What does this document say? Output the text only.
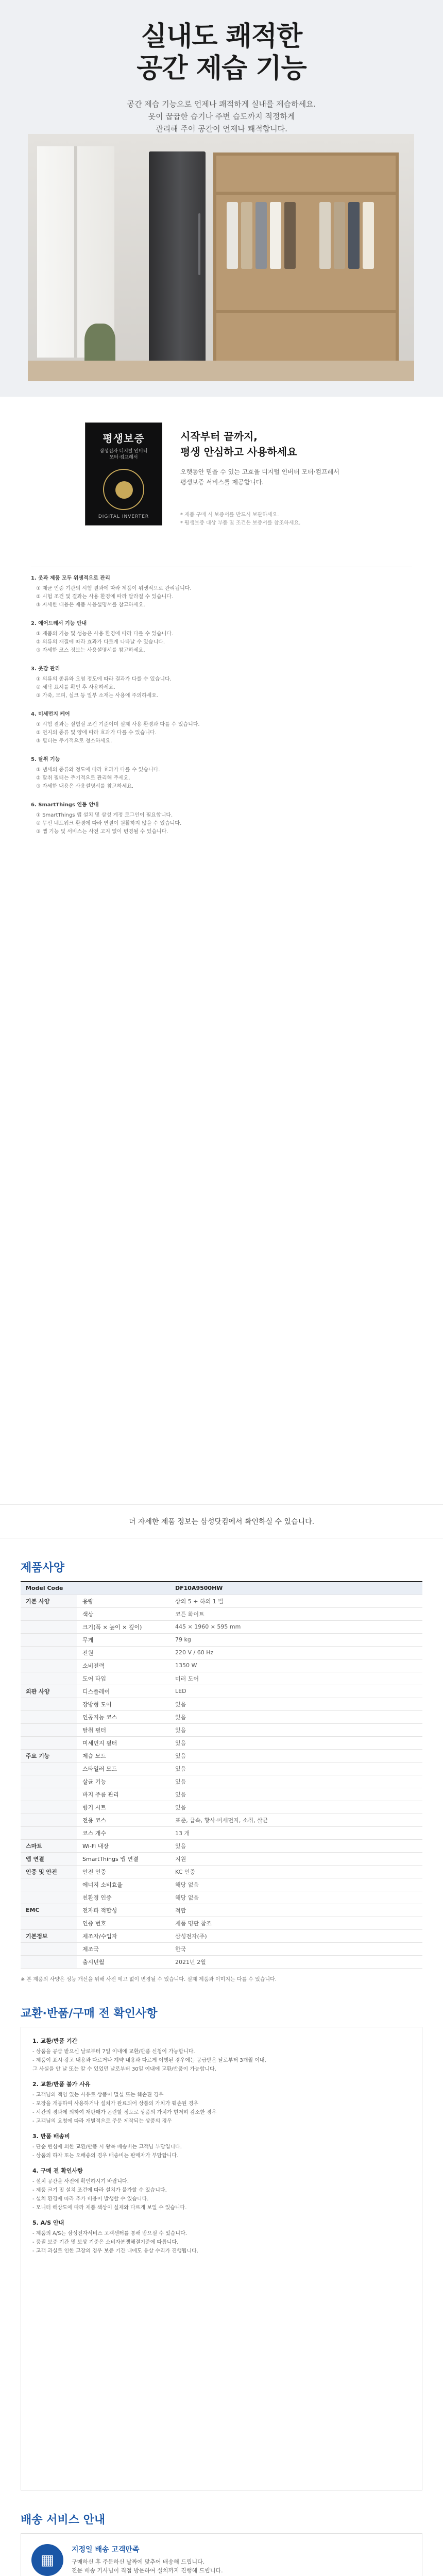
실내도 쾌적한
공간 제습 기능
공간 제습 기능으로 언제나 쾌적하게 실내를 제습하세요.
옷이 꿉꿉한 습기나 주변 습도까지 적정하게
관리해 주어 공간이 언제나 쾌적합니다.
평생보증
삼성전자 디지털 인버터
모터·컴프레서
DIGITAL INVERTER
시작부터 끝까지,
평생 안심하고 사용하세요
오랫동안 믿을 수 있는 고효율 디지털 인버터 모터·컴프레서
평생보증 서비스를 제공합니다.
* 제품 구매 시 보증서를 반드시 보관하세요.
* 평생보증 대상 부품 및 조건은 보증서를 참조하세요.
1. 옷과 제품 모두 위생적으로 관리
① 제균 인증 기관의 시험 결과에 따라 제품이 위생적으로 관리됩니다.
② 시험 조건 및 결과는 사용 환경에 따라 달라질 수 있습니다.
③ 자세한 내용은 제품 사용설명서를 참고하세요.
2. 에어드레서 기능 안내
① 제품의 기능 및 성능은 사용 환경에 따라 다를 수 있습니다.
② 의류의 재질에 따라 효과가 다르게 나타날 수 있습니다.
③ 자세한 코스 정보는 사용설명서를 참고하세요.
3. 옷감 관리
① 의류의 종류와 오염 정도에 따라 결과가 다를 수 있습니다.
② 세탁 표시를 확인 후 사용하세요.
③ 가죽, 모피, 실크 등 일부 소재는 사용에 주의하세요.
4. 미세먼지 케어
① 시험 결과는 실험실 조건 기준이며 실제 사용 환경과 다를 수 있습니다.
② 먼지의 종류 및 양에 따라 효과가 다를 수 있습니다.
③ 필터는 주기적으로 청소하세요.
5. 탈취 기능
① 냄새의 종류와 정도에 따라 효과가 다를 수 있습니다.
② 탈취 필터는 주기적으로 관리해 주세요.
③ 자세한 내용은 사용설명서를 참고하세요.
6. SmartThings 연동 안내
① SmartThings 앱 설치 및 삼성 계정 로그인이 필요합니다.
② 무선 네트워크 환경에 따라 연결이 원활하지 않을 수 있습니다.
③ 앱 기능 및 서비스는 사전 고지 없이 변경될 수 있습니다.
더 자세한 제품 정보는 삼성닷컴에서 확인하실 수 있습니다.
제품사양
Model Code		DF10A9500HW
기본 사양	용량	상의 5 + 하의 1 벌
	색상	코튼 화이트
	크기(폭 × 높이 × 깊이)	445 × 1960 × 595 mm
	무게	79 kg
	전원	220 V / 60 Hz
	소비전력	1350 W
	도어 타입	미러 도어
외관 사양	디스플레이	LED
	장방형 도어	있음
	인공지능 코스	있음
	탈취 필터	있음
	미세먼지 필터	있음
주요 기능	제습 모드	있음
	스타일러 모드	있음
	살균 기능	있음
	바지 주름 관리	있음
	향기 시트	있음
	전용 코스	표준, 급속, 황사·미세먼지, 소취, 살균
	코스 개수	13 개
스마트	Wi-Fi 내장	있음
앱 연결	SmartThings 앱 연결	지원
인증 및 안전	안전 인증	KC 인증
	에너지 소비효율	해당 없음
	친환경 인증	해당 없음
EMC	전자파 적합성	적합
	인증 번호	제품 명판 참조
기본정보	제조자/수입자	삼성전자(주)
	제조국	한국
	출시년월	2021년 2월
※ 본 제품의 사양은 성능 개선을 위해 사전 예고 없이 변경될 수 있습니다. 실제 제품과 이미지는 다를 수 있습니다.
교환·반품/구매 전 확인사항
1. 교환/반품 기간
- 상품을 공급 받으신 날로부터 7일 이내에 교환/반품 신청이 가능합니다.
- 제품이 표시·광고 내용과 다르거나 계약 내용과 다르게 이행된 경우에는 공급받은 날로부터 3개월 이내,
그 사실을 안 날 또는 알 수 있었던 날로부터 30일 이내에 교환/반품이 가능합니다.
2. 교환/반품 불가 사유
- 고객님의 책임 있는 사유로 상품이 멸실 또는 훼손된 경우
- 포장을 개봉하여 사용하거나 설치가 완료되어 상품의 가치가 훼손된 경우
- 시간의 경과에 의하여 재판매가 곤란할 정도로 상품의 가치가 현저히 감소한 경우
- 고객님의 요청에 따라 개별적으로 주문 제작되는 상품의 경우
3. 반품 배송비
- 단순 변심에 의한 교환/반품 시 왕복 배송비는 고객님 부담입니다.
- 상품의 하자 또는 오배송의 경우 배송비는 판매자가 부담합니다.
4. 구매 전 확인사항
- 설치 공간을 사전에 확인하시기 바랍니다.
- 제품 크기 및 설치 조건에 따라 설치가 불가할 수 있습니다.
- 설치 환경에 따라 추가 비용이 발생할 수 있습니다.
- 모니터 해상도에 따라 제품 색상이 실제와 다르게 보일 수 있습니다.
5. A/S 안내
- 제품의 A/S는 삼성전자서비스 고객센터를 통해 받으실 수 있습니다.
- 품질 보증 기간 및 보상 기준은 소비자분쟁해결기준에 따릅니다.
- 고객 과실로 인한 고장의 경우 보증 기간 내에도 유상 수리가 진행됩니다.
배송 서비스 안내
▦
지정일 배송 고객만족
구매하신 후 주문하신 날짜에 맞추어 배송해 드립니다.
전문 배송 기사님이 직접 방문하여 설치까지 진행해 드립니다.
